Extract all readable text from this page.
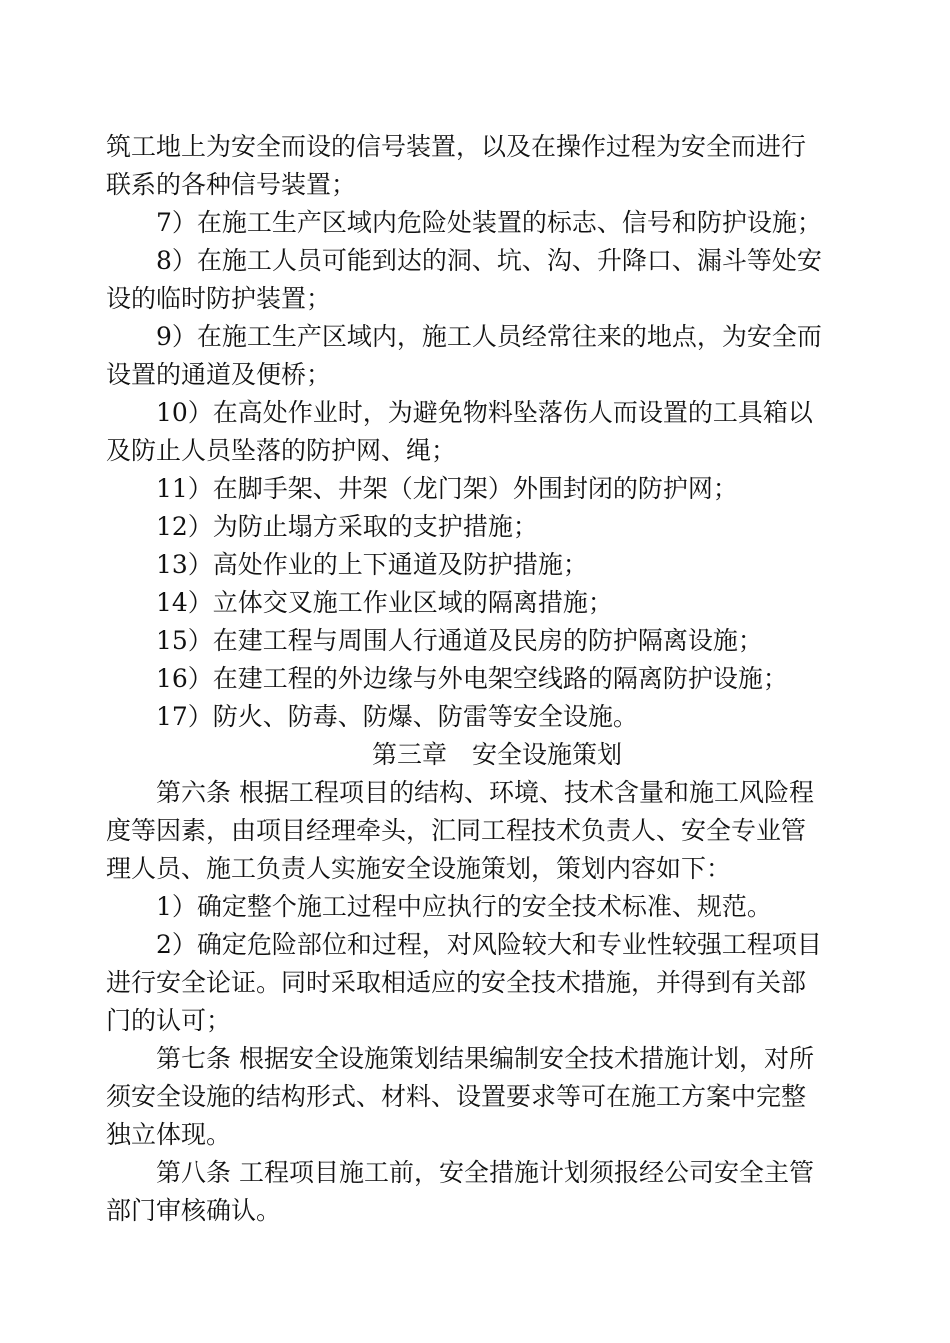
筑工地上为安全而设的信号装置，以及在操作过程为安全而进行
联系的各种信号装置；
7）在施工生产区域内危险处装置的标志、信号和防护设施；
8）在施工人员可能到达的洞、坑、沟、升降口、漏斗等处安
设的临时防护装置；
9）在施工生产区域内，施工人员经常往来的地点，为安全而
设置的通道及便桥；
10）在高处作业时，为避免物料坠落伤人而设置的工具箱以
及防止人员坠落的防护网、绳；
11）在脚手架、井架（龙门架）外围封闭的防护网；
12）为防止塌方采取的支护措施；
13）高处作业的上下通道及防护措施；
14）立体交叉施工作业区域的隔离措施；
15）在建工程与周围人行通道及民房的防护隔离设施；
16）在建工程的外边缘与外电架空线路的隔离防护设施；
17）防火、防毒、防爆、防雷等安全设施。
第三章　安全设施策划
第六条 根据工程项目的结构、环境、技术含量和施工风险程
度等因素，由项目经理牵头，汇同工程技术负责人、安全专业管
理人员、施工负责人实施安全设施策划，策划内容如下：
1）确定整个施工过程中应执行的安全技术标准、规范。
2）确定危险部位和过程，对风险较大和专业性较强工程项目
进行安全论证。同时采取相适应的安全技术措施，并得到有关部
门的认可；
第七条 根据安全设施策划结果编制安全技术措施计划，对所
须安全设施的结构形式、材料、设置要求等可在施工方案中完整
独立体现。
第八条 工程项目施工前，安全措施计划须报经公司安全主管
部门审核确认。
